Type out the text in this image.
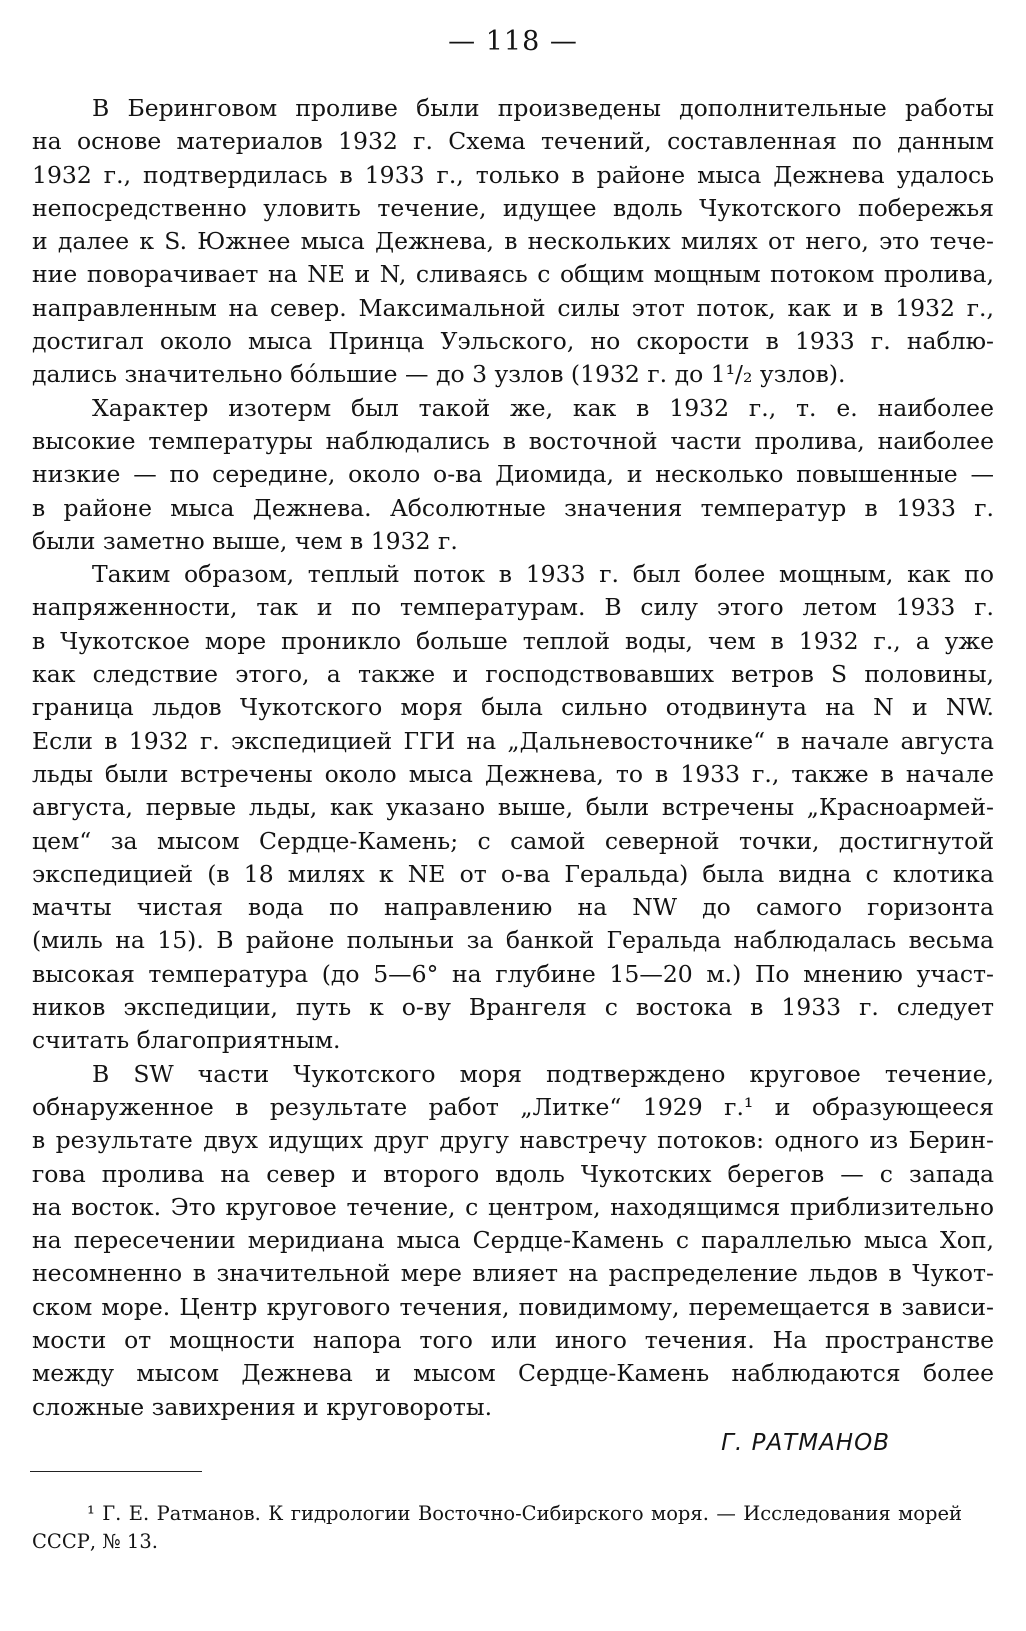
— 118 —
В Беринговом проливе были произведены дополнительные работы
на основе материалов 1932 г. Схема течений, составленная по данным
1932 г., подтвердилась в 1933 г., только в районе мыса Дежнева удалось
непосредственно уловить течение, идущее вдоль Чукотского побережья
и далее к S. Южнее мыса Дежнева, в нескольких милях от него, это тече-
ние поворачивает на NE и N, сливаясь с общим мощным потоком пролива,
направленным на север. Максимальной силы этот поток, как и в 1932 г.,
достигал около мыса Принца Уэльского, но скорости в 1933 г. наблю-
дались значительно бóльшие — до 3 узлов (1932 г. до 1¹/₂ узлов).
Характер изотерм был такой же, как в 1932 г., т. е. наиболее
высокие температуры наблюдались в восточной части пролива, наиболее
низкие — по середине, около о-ва Диомида, и несколько повышенные —
в районе мыса Дежнева. Абсолютные значения температур в 1933 г.
были заметно выше, чем в 1932 г.
Таким образом, теплый поток в 1933 г. был более мощным, как по
напряженности, так и по температурам. В силу этого летом 1933 г.
в Чукотское море проникло больше теплой воды, чем в 1932 г., а уже
как следствие этого, а также и господствовавших ветров S половины,
граница льдов Чукотского моря была сильно отодвинута на N и NW.
Если в 1932 г. экспедицией ГГИ на „Дальневосточнике“ в начале августа
льды были встречены около мыса Дежнева, то в 1933 г., также в начале
августа, первые льды, как указано выше, были встречены „Красноармей-
цем“ за мысом Сердце-Камень; с самой северной точки, достигнутой
экспедицией (в 18 милях к NE от о-ва Геральда) была видна с клотика
мачты чистая вода по направлению на NW до самого горизонта
(миль на 15). В районе полыньи за банкой Геральда наблюдалась весьма
высокая температура (до 5—6° на глубине 15—20 м.) По мнению участ-
ников экспедиции, путь к о-ву Врангеля с востока в 1933 г. следует
считать благоприятным.
В SW части Чукотского моря подтверждено круговое течение,
обнаруженное в результате работ „Литке“ 1929 г.¹ и образующееся
в результате двух идущих друг другу навстречу потоков: одного из Берин-
гова пролива на север и второго вдоль Чукотских берегов — с запада
на восток. Это круговое течение, с центром, находящимся приблизительно
на пересечении меридиана мыса Сердце-Камень с параллелью мыса Хоп,
несомненно в значительной мере влияет на распределение льдов в Чукот-
ском море. Центр кругового течения, повидимому, перемещается в зависи-
мости от мощности напора того или иного течения. На пространстве
между мысом Дежнева и мысом Сердце-Камень наблюдаются более
сложные завихрения и круговороты.
Г. РАТМАНОВ
¹ Г. Е. Ратманов. К гидрологии Восточно-Сибирского моря. — Исследования морей
СССР, № 13.
